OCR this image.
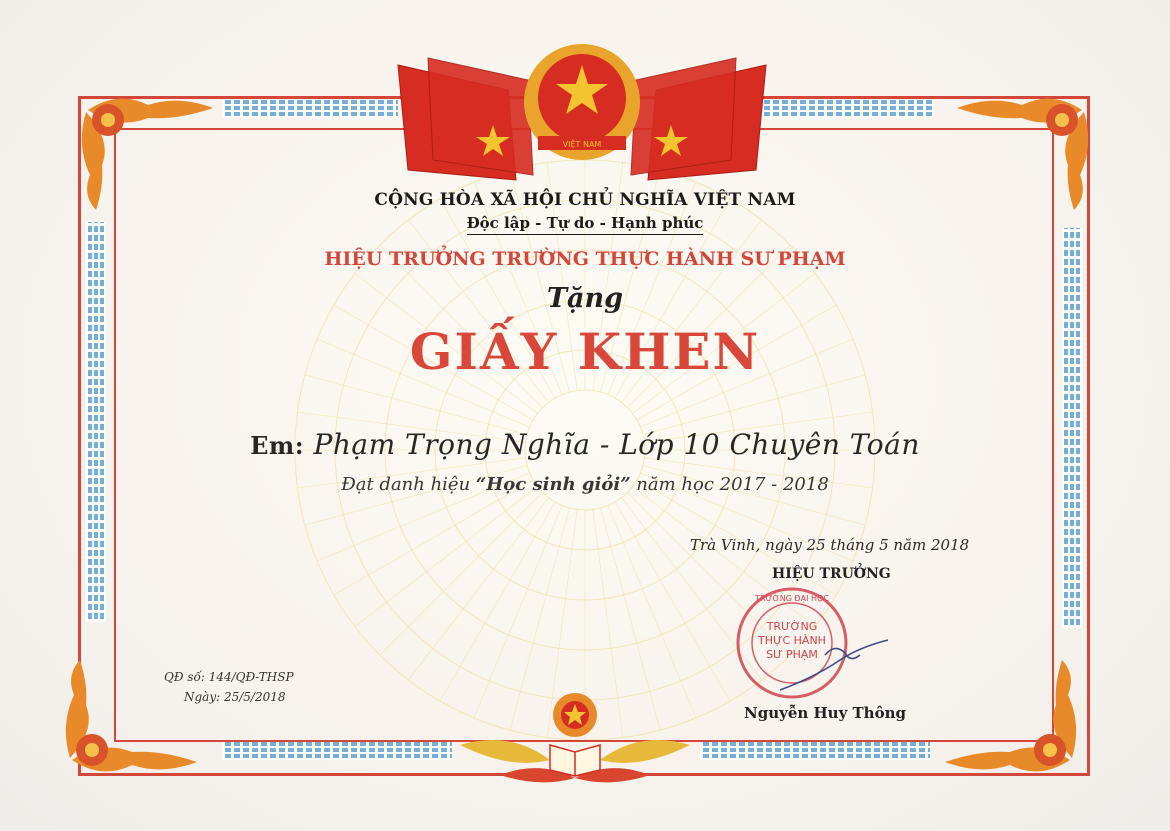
VIỆT NAM
CỘNG HÒA XÃ HỘI CHỦ NGHĨA VIỆT NAM
Độc lập - Tự do - Hạnh phúc
HIỆU TRƯỞNG TRƯỜNG THỰC HÀNH SƯ PHẠM
Tặng
GIẤY KHEN
Em: Phạm Trọng Nghĩa - Lớp 10 Chuyên Toán
Đạt danh hiệu “Học sinh giỏi” năm học 2017 - 2018
Trà Vinh, ngày 25 tháng 5 năm 2018
HIỆU TRƯỞNG
TRƯỜNG ĐẠI HỌC
TRƯỜNG
THỰC HÀNH
SƯ PHẠM
Nguyễn Huy Thông
QĐ số: 144/QĐ-THSP
Ngày: 25/5/2018
